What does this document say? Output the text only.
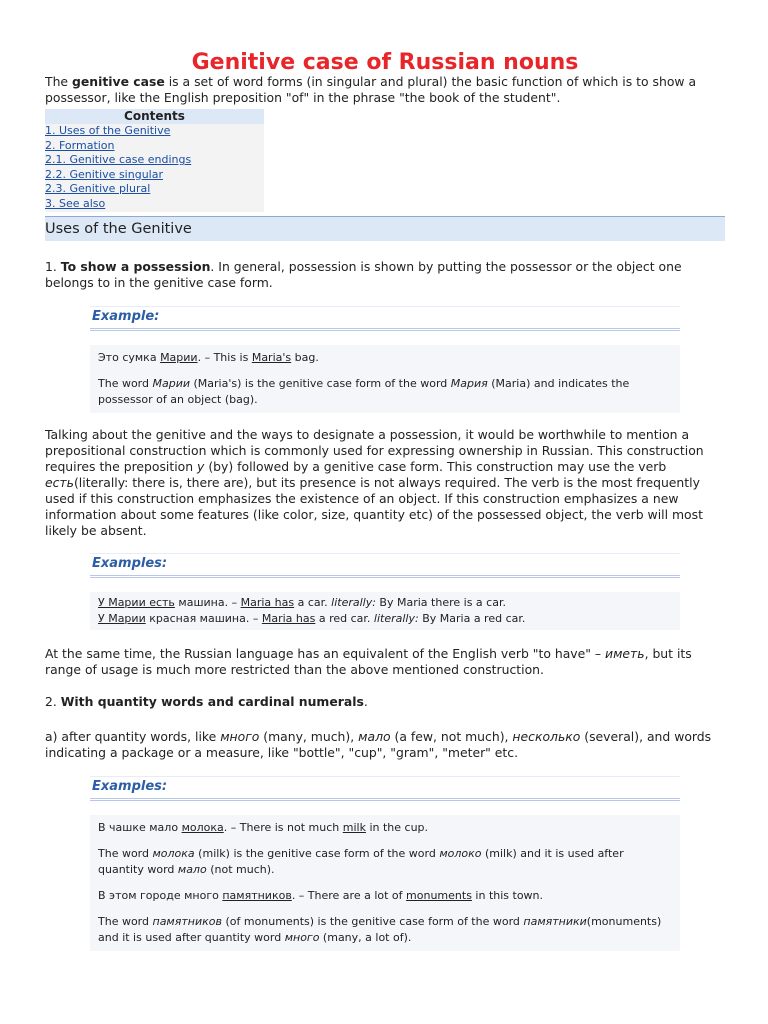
Genitive case of Russian nouns

The genitive case is a set of word forms (in singular and plural) the basic function of which is to show a possessor, like the English preposition "of" in the phrase "the book of the student".

Contents
1. Uses of the Genitive
2. Formation
2.1. Genitive case endings
2.2. Genitive singular
2.3. Genitive plural
3. See also
Uses of the Genitive

1. To show a possession. In general, possession is shown by putting the possessor or the object one belongs to in the genitive case form.

Example:

Это сумка Марии. – This is Maria's bag.

The word Марии (Maria's) is the genitive case form of the word Мария (Maria) and indicates the possessor of an object (bag).

Talking about the genitive and the ways to designate a possession, it would be worthwhile to mention a prepositional construction which is commonly used for expressing ownership in Russian. This construction requires the preposition у (by) followed by a genitive case form. This construction may use the verb есть(literally: there is, there are), but its presence is not always required. The verb is the most frequently used if this construction emphasizes the existence of an object. If this construction emphasizes a new information about some features (like color, size, quantity etc) of the possessed object, the verb will most likely be absent.

Examples:

У Марии есть машина. – Maria has a car. literally: By Maria there is a car.

У Марии красная машина. – Maria has a red car. literally: By Maria a red car.

At the same time, the Russian language has an equivalent of the English verb "to have" – иметь, but its range of usage is much more restricted than the above mentioned construction.

2. With quantity words and cardinal numerals.

a) after quantity words, like много (many, much), мало (a few, not much), несколько (several), and words indicating a package or a measure, like "bottle", "cup", "gram", "meter" etc.

Examples:

В чашке мало молока. – There is not much milk in the cup.

The word молока (milk) is the genitive case form of the word молоко (milk) and it is used after quantity word мало (not much).

В этом городе много памятников. – There are a lot of monuments in this town.

The word памятников (of monuments) is the genitive case form of the word памятники(monuments) and it is used after quantity word много (many, a lot of).
